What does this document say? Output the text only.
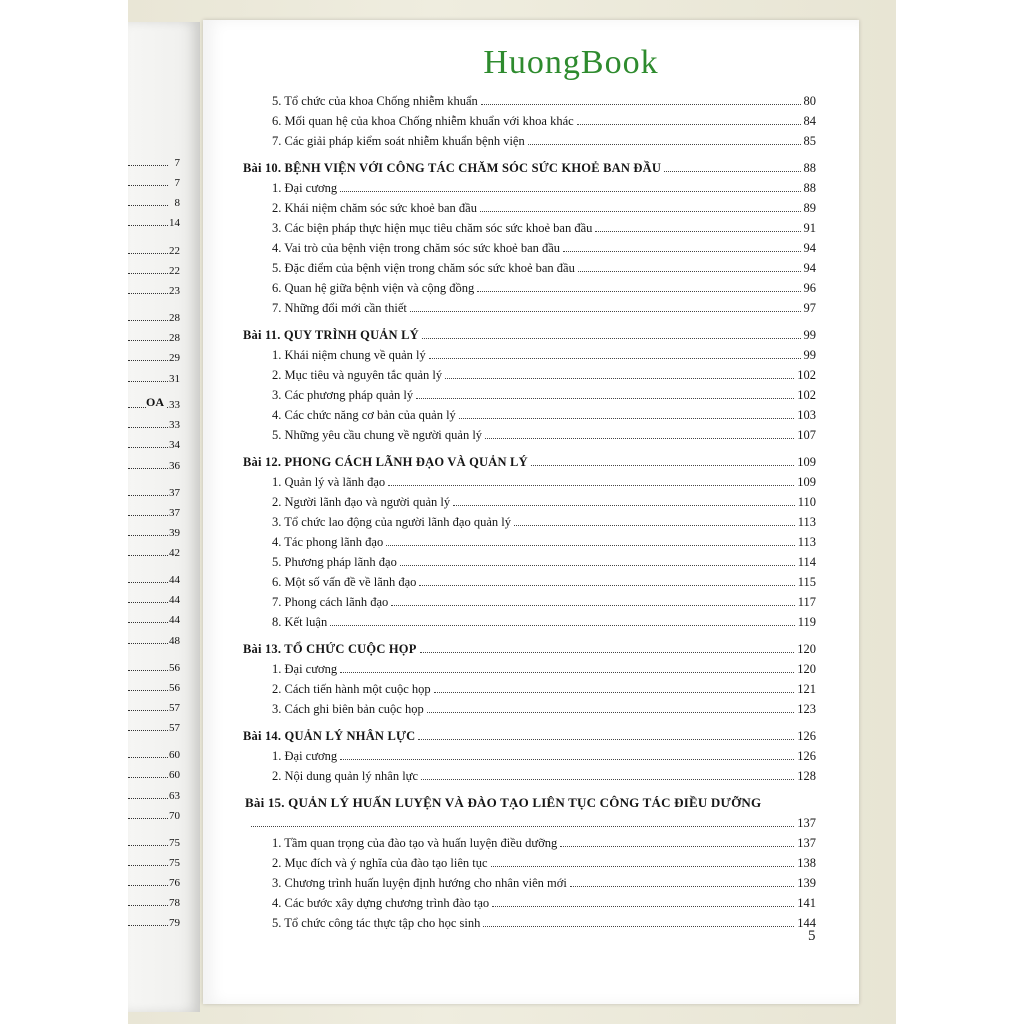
7
7
8
14
22
22
23
28
28
29
31
OA 33
33
34
36
37
37
39
42
44
44
44
48
56
56
57
57
60
60
63
70
75
75
76
78
79
HuongBook
5. Tổ chức của khoa Chống nhiễm khuẩn	80
6. Mối quan hệ của khoa Chống nhiễm khuẩn với khoa khác	84
7. Các giải pháp kiểm soát nhiễm khuẩn bệnh viện	85
Bài 10. BỆNH VIỆN VỚI CÔNG TÁC CHĂM SÓC SỨC KHOẺ BAN ĐẦU	88
1. Đại cương	88
2. Khái niệm chăm sóc sức khoẻ ban đầu	89
3. Các biện pháp thực hiện mục tiêu chăm sóc sức khoẻ ban đầu	91
4. Vai trò của bệnh viện trong chăm sóc sức khoẻ ban đầu	94
5. Đặc điểm của bệnh viện trong chăm sóc sức khoẻ ban đầu	94
6. Quan hệ giữa bệnh viện và cộng đồng	96
7. Những đổi mới cần thiết	97
Bài 11. QUY TRÌNH QUẢN LÝ	99
1. Khái niệm chung về quản lý	99
2. Mục tiêu và nguyên tắc quản lý	102
3. Các phương pháp quản lý	102
4. Các chức năng cơ bản của quản lý	103
5. Những yêu cầu chung về người quản lý	107
Bài 12. PHONG CÁCH LÃNH ĐẠO VÀ QUẢN LÝ	109
1. Quản lý và lãnh đạo	109
2. Người lãnh đạo và người quản lý	110
3. Tổ chức lao động của người lãnh đạo quản lý	113
4. Tác phong lãnh đạo	113
5. Phương pháp lãnh đạo	114
6. Một số vấn đề về lãnh đạo	115
7. Phong cách lãnh đạo	117
8. Kết luận	119
Bài 13. TỔ CHỨC CUỘC HỌP	120
1. Đại cương	120
2. Cách tiến hành một cuộc họp	121
3. Cách ghi biên bản cuộc họp	123
Bài 14. QUẢN LÝ NHÂN LỰC	126
1. Đại cương	126
2. Nội dung quản lý nhân lực	128
Bài 15. QUẢN LÝ HUẤN LUYỆN VÀ ĐÀO TẠO LIÊN TỤC CÔNG TÁC ĐIỀU DƯỠNG
137
1. Tầm quan trọng của đào tạo và huấn luyện điều dưỡng	137
2. Mục đích và ý nghĩa của đào tạo liên tục	138
3. Chương trình huấn luyện định hướng cho nhân viên mới	139
4. Các bước xây dựng chương trình đào tạo	141
5. Tổ chức công tác thực tập cho học sinh	144
5
